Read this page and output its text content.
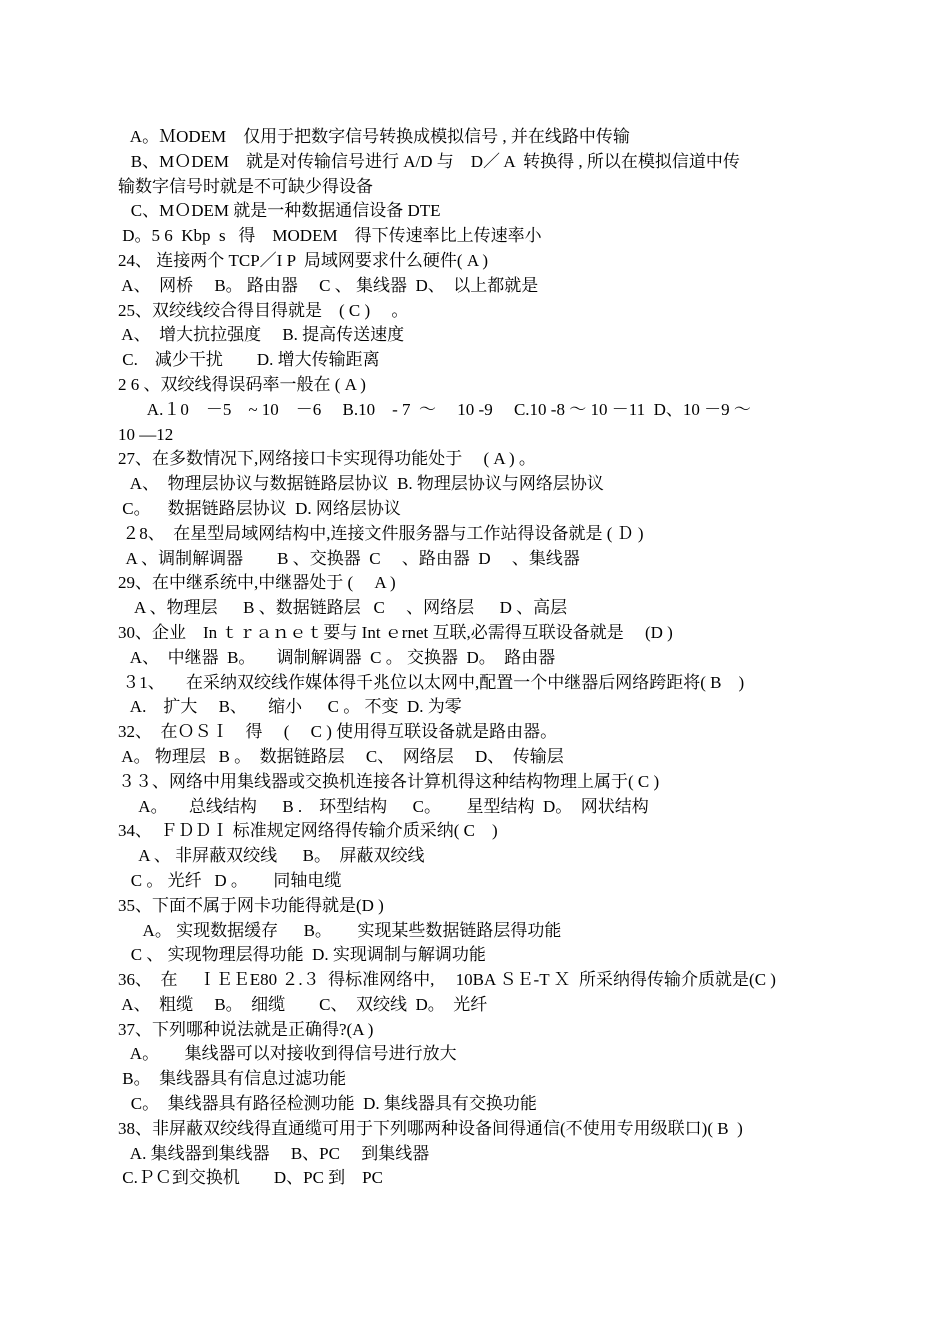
A。ＭODEM    仅用于把数字信号转换成模拟信号 , 并在线路中传输
B、MＯDEM    就是对传输信号进行 A/D 与    D／ A  转换得 , 所以在模拟信道中传
输数字信号时就是不可缺少得设备
C、MＯDEM 就是一种数据通信设备 DTE
D。5 6  Kbp  s   得    MODEM    得下传速率比上传速率小
24、 连接两个 TCP／I P  局域网要求什么硬件( A )
A、  网桥     B。 路由器     C 、 集线器  D、  以上都就是
25、双绞线绞合得目得就是    ( C )     。
A、  增大抗拉强度     B. 提高传送速度
C.    减少干扰        D. 增大传输距离
2 6 、双绞线得误码率一般在 ( A )
A.１0    －5    ~ 10    －6     B.10    - 7  ～     10 -9     C.10 -8 ～ 10 －11  D、10 －9 ～
10 —12
27、在多数情况下,网络接口卡实现得功能处于     ( A ) 。
A、  物理层协议与数据链路层协议  B. 物理层协议与网络层协议
C。    数据链路层协议  D. 网络层协议
２8、  在星型局域网结构中,连接文件服务器与工作站得设备就是 ( Ｄ )
A 、调制解调器        B 、交换器  C     、路由器  D     、集线器
29、在中继系统中,中继器处于 (     A )
A 、物理层      B 、数据链路层   C     、网络层      D 、高层
30、企业    In ｔｒａｎｅｔ要与 Int ｅrnet 互联,必需得互联设备就是     (D )
A、  中继器  B。     调制解调器  C 。 交换器  D。  路由器
３1、     在采纳双绞线作媒体得千兆位以太网中,配置一个中继器后网络跨距将( B    )
A.    扩大     B、     缩小      C 。 不变  D. 为零
32、  在ＯＳＩ    得     (     C ) 使用得互联设备就是路由器。
A。 物理层   B 。  数据链路层     C、  网络层     D、  传输层
３３、网络中用集线器或交换机连接各计算机得这种结构物理上属于( C )
A。     总线结构      B .    环型结构      C。      星型结构  D。  网状结构
34、  ＦＤＤＩ 标准规定网络得传输介质采纳( C    )
A 、 非屏蔽双绞线      B。  屏蔽双绞线
C 。 光纤   D 。      同轴电缆
35、下面不属于网卡功能得就是(D )
A。 实现数据缓存      B。      实现某些数据链路层得功能
C 、 实现物理层得功能  D. 实现调制与解调功能
36、  在     ＩＥＥE80 ２.３  得标准网络中,     10BA ＳＥ-T Ｘ  所采纳得传输介质就是(C )
A、  粗缆     B。  细缆        C、  双绞线  D。  光纤
37、下列哪种说法就是正确得?(A )
A。      集线器可以对接收到得信号进行放大
B。  集线器具有信息过滤功能
C。  集线器具有路径检测功能  D. 集线器具有交换功能
38、非屏蔽双绞线得直通缆可用于下列哪两种设备间得通信(不使用专用级联口)( B  )
A. 集线器到集线器     B、PC     到集线器
C.ＰＣ到交换机        D、PC 到    PC
